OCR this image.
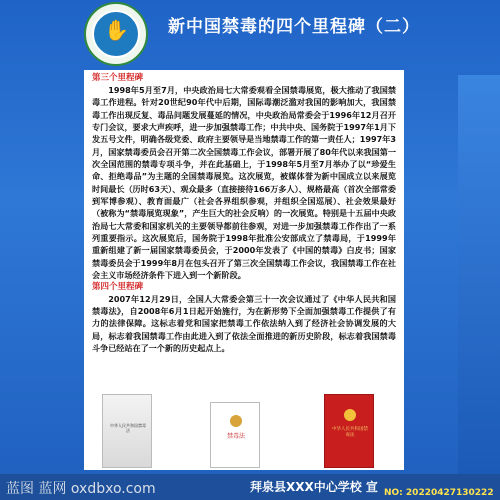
✋ 新中国禁毒的四个里程碑（二）

第三个里程碑

1998年5月至7月，中央政治局七大常委观看全国禁毒展览，极大推动了我国禁毒工作进程。针对20世纪90年代中后期，国际毒潮泛滥对我国的影响加大，我国禁毒工作出现反复、毒品问题发展蔓延的情况，中央政治局常委会于1996年12月召开专门会议，要求大声疾呼，进一步加强禁毒工作；中共中央、国务院于1997年1月下发五号文件，明确各级党委、政府主要领导是当地禁毒工作的第一责任人；1997年3月，国家禁毒委员会召开第二次全国禁毒工作会议，部署开展了80年代以来我国第一次全国范围的禁毒专项斗争，并在此基础上，于1998年5月至7月举办了以“珍爱生命、拒绝毒品”为主题的全国禁毒展览。这次展览，被媒体誉为新中国成立以来展览时间最长（历时63天）、观众最多（直接接待166万多人）、规格最高（首次全部常委到军博参观）、教育面最广（社会各界组织参观，并组织全国巡展）、社会效果最好（被称为“禁毒展览现象”，产生巨大的社会反响）的一次展览。特别是十五届中央政治局七大常委和国家机关的主要领导都前往参观，对进一步加强禁毒工作作出了一系列重要指示。这次展览后，国务院于1998年批准公安部成立了禁毒局，于1999年重新组建了新一届国家禁毒委员会，于2000年发表了《中国的禁毒》白皮书；国家禁毒委员会于1999年8月在包头召开了第三次全国禁毒工作会议，我国禁毒工作在社会主义市场经济条件下进入到一个新阶段。

第四个里程碑

2007年12月29日，全国人大常委会第三十一次会议通过了《中华人民共和国禁毒法》，自2008年6月1日起开始施行，为在新形势下全面加强禁毒工作提供了有力的法律保障。这标志着党和国家把禁毒工作依法纳入到了经济社会协调发展的大局，标志着我国禁毒工作由此进入到了依法全面推进的新历史阶段，标志着我国禁毒斗争已经站在了一个新的历史起点上。

中华人民共和国禁毒法
禁毒法
中华人民共和国禁毒法
蓝图 蓝网 oxdbxo.com	拜泉县XXX中心学校 宣 NO: 20220427130222
